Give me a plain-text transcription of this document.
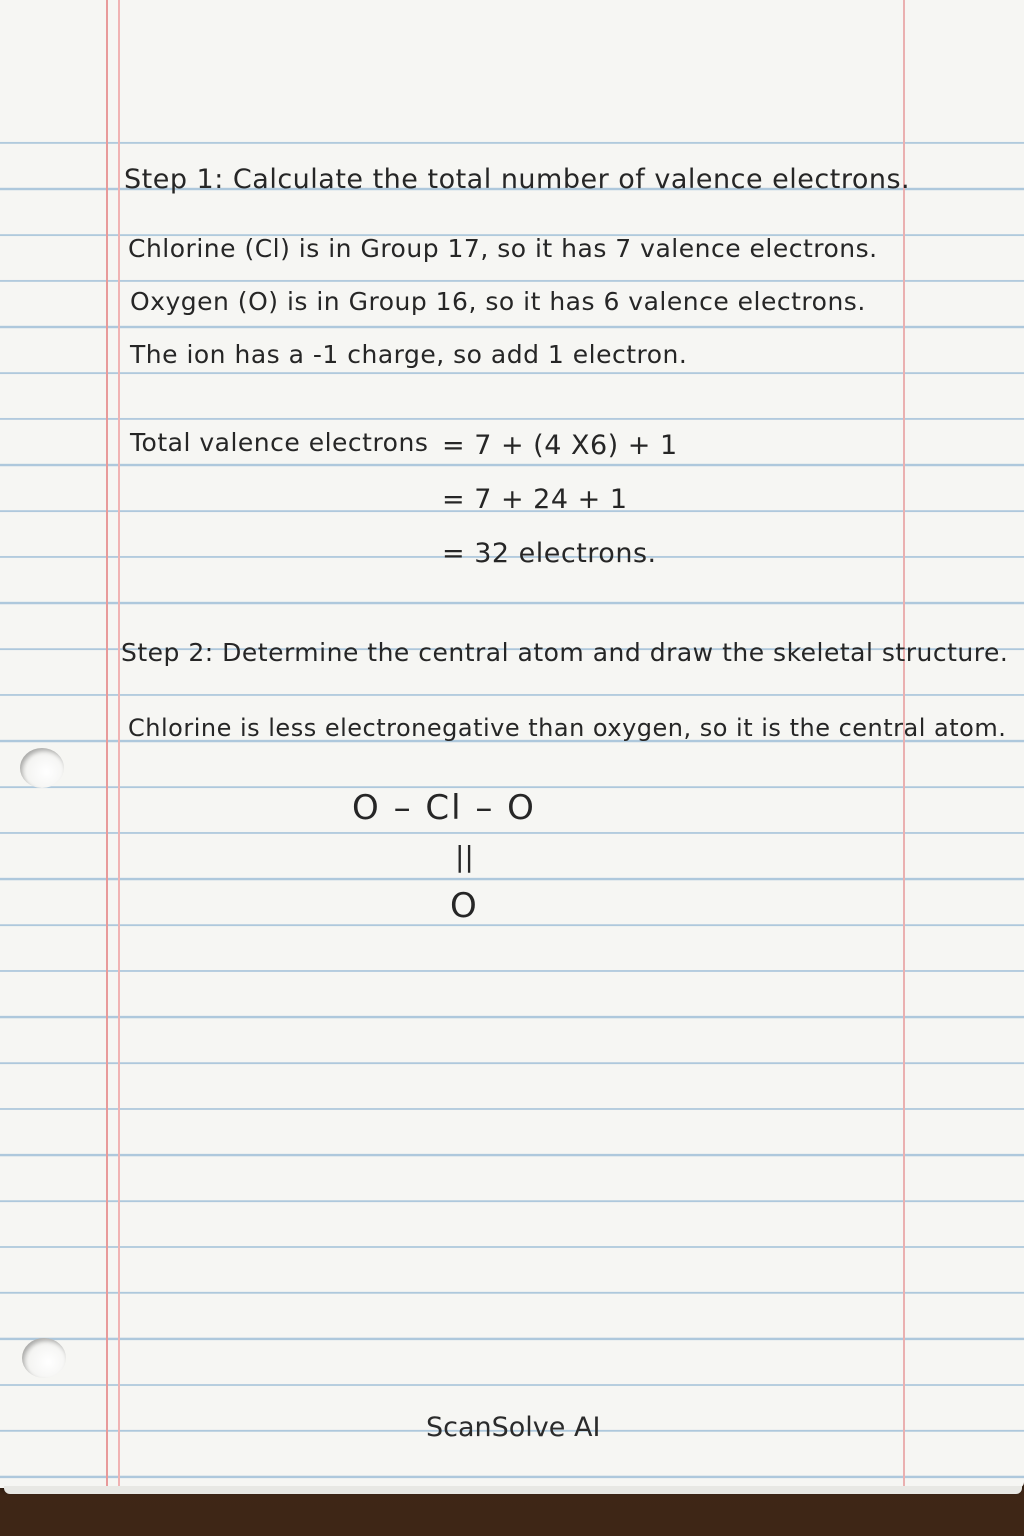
Step 1: Calculate the total number of valence electrons.
Chlorine (Cl) is in Group 17, so it has 7 valence electrons.
Oxygen (O) is in Group 16, so it has 6 valence electrons.
The ion has a -1 charge, so add 1 electron.
Total valence electrons = 7 + (4 X6) + 1
= 7 + 24 + 1
= 32 electrons.
Step 2: Determine the central atom and draw the skeletal structure.
Chlorine is less electronegative than oxygen, so it is the central atom.
O – Cl – O
||
O
ScanSolve AI
